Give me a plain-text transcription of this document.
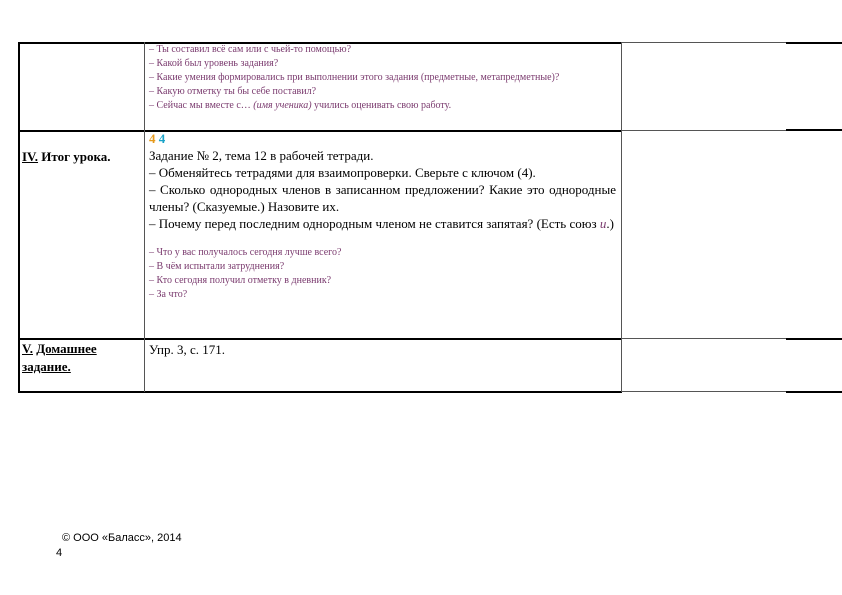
– Ты составил всё сам или с чьей-то помощью?
– Какой был уровень задания?
– Какие умения формировались при выполнении этого задания (предметные, метапредметные)?
– Какую отметку ты бы себе поставил?
– Сейчас мы вместе с… (имя ученика) учились оценивать свою работу.
IV. Итог урока.
4 4
Задание № 2, тема 12 в рабочей тетради.
– Обменяйтесь тетрадями для взаимопроверки. Сверьте с ключом (4).
– Сколько однородных членов в записанном предложении? Какие это однородные члены? (Сказуемые.) Назовите их.
– Почему перед последним однородным членом не ставится запятая? (Есть союз и.)
– Что у вас получалось сегодня лучше всего?
– В чём испытали затруднения?
– Кто сегодня получил отметку в дневник?
– За что?
V. Домашнее
задание.
Упр. 3, с. 171.
© ООО «Баласс», 2014
4
